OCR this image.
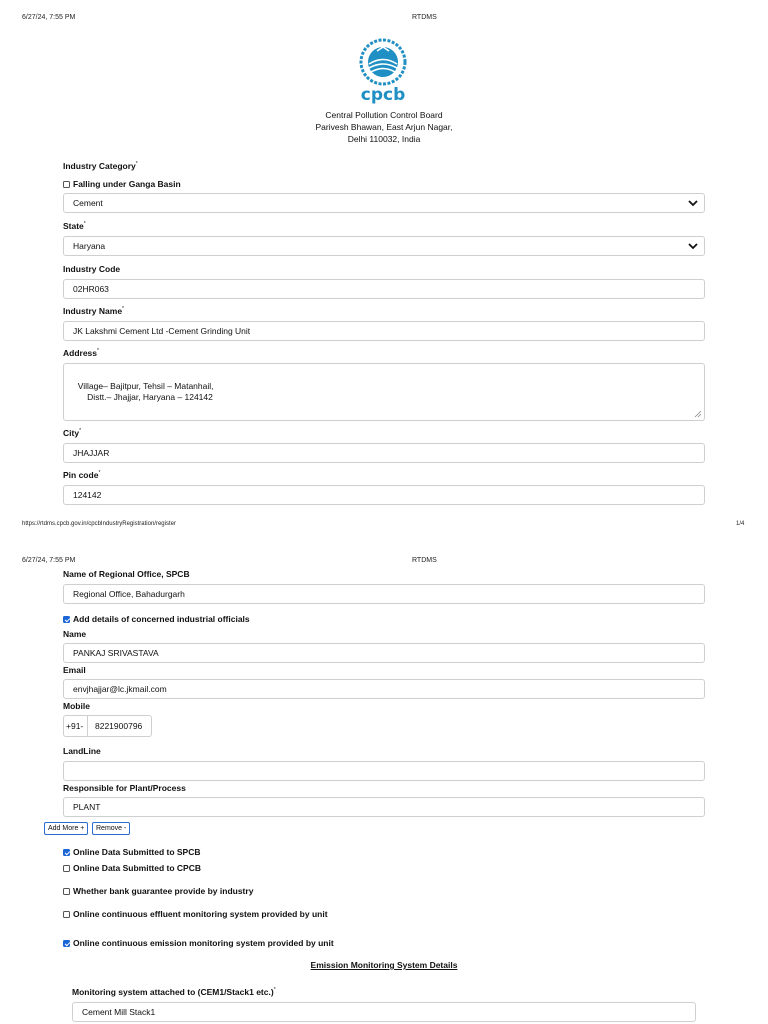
6/27/24, 7:55 PM	RTDMS
cpcb
Central Pollution Control Board
Parivesh Bhawan, East Arjun Nagar,
Delhi 110032, India
Industry Category*
Falling under Ganga Basin
Cement
State*
Haryana
Industry Code
02HR063
Industry Name*
JK Lakshmi Cement Ltd -Cement Grinding Unit
Address*

Village– Bajitpur, Tehsil – Matanhail,
Distt.– Jhajjar, Haryana – 124142

City*
JHAJJAR
Pin code*
124142
https://rtdms.cpcb.gov.in/cpcbIndustryRegistration/register	1/4
6/27/24, 7:55 PM	RTDMS
Name of Regional Office, SPCB
Regional Office, Bahadurgarh
Add details of concerned industrial officials
Name
PANKAJ SRIVASTAVA
Email
envjhajjar@lc.jkmail.com
Mobile
+91-	8221900796
LandLine
Responsible for Plant/Process
PLANT
Add More +	Remove -
Online Data Submitted to SPCB
Online Data Submitted to CPCB
Whether bank guarantee provide by industry
Online continuous effluent monitoring system provided by unit
Online continuous emission monitoring system provided by unit
Emission Monitoring System Details
Monitoring system attached to (CEM1/Stack1 etc.)*
Cement Mill Stack1
